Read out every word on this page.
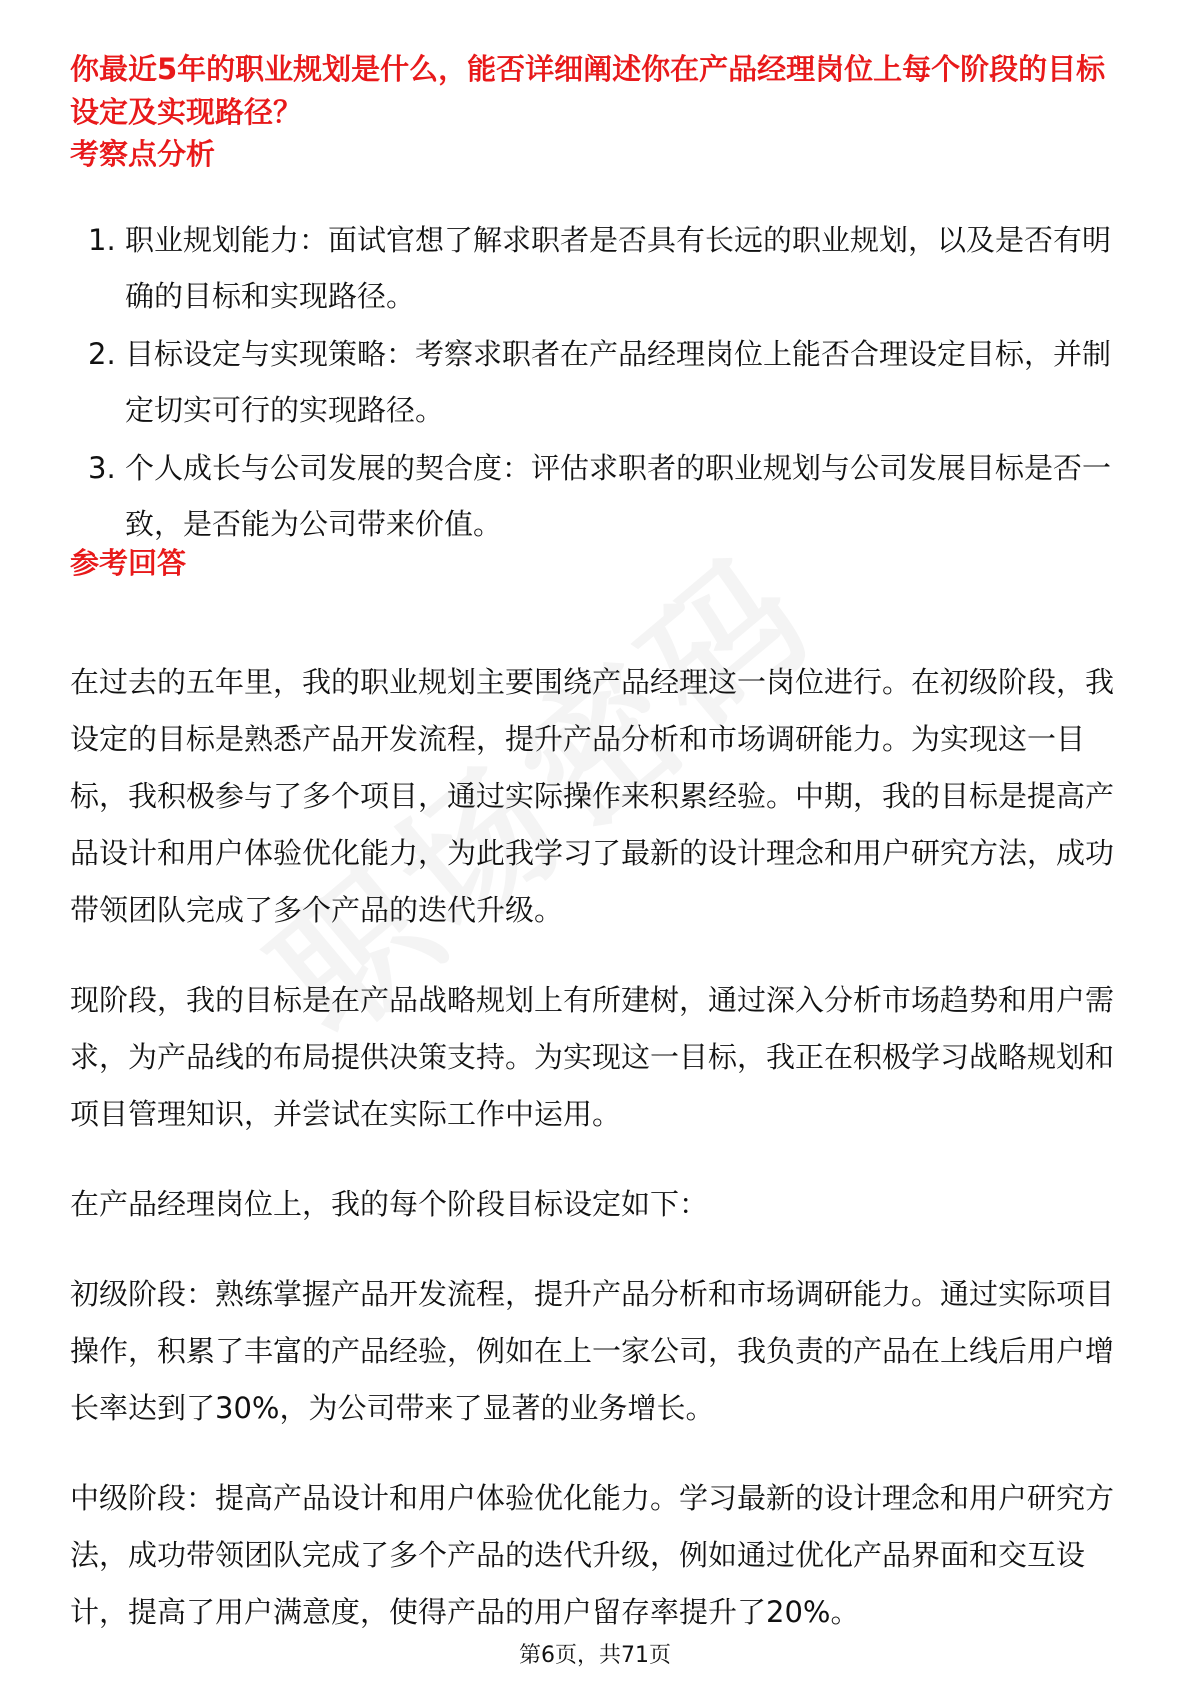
你最近5年的职业规划是什么，能否详细阐述你在产品经理岗位上每个阶段的目标设定及实现路径？
考察点分析
1. 职业规划能力：面试官想了解求职者是否具有长远的职业规划，以及是否有明确的目标和实现路径。
2. 目标设定与实现策略：考察求职者在产品经理岗位上能否合理设定目标，并制定切实可行的实现路径。
3. 个人成长与公司发展的契合度：评估求职者的职业规划与公司发展目标是否一致，是否能为公司带来价值。
参考回答

在过去的五年里，我的职业规划主要围绕产品经理这一岗位进行。在初级阶段，我设定的目标是熟悉产品开发流程，提升产品分析和市场调研能力。为实现这一目标，我积极参与了多个项目，通过实际操作来积累经验。中期，我的目标是提高产品设计和用户体验优化能力，为此我学习了最新的设计理念和用户研究方法，成功带领团队完成了多个产品的迭代升级。

现阶段，我的目标是在产品战略规划上有所建树，通过深入分析市场趋势和用户需求，为产品线的布局提供决策支持。为实现这一目标，我正在积极学习战略规划和项目管理知识，并尝试在实际工作中运用。

在产品经理岗位上，我的每个阶段目标设定如下：

初级阶段：熟练掌握产品开发流程，提升产品分析和市场调研能力。通过实际项目操作，积累了丰富的产品经验，例如在上一家公司，我负责的产品在上线后用户增长率达到了30%，为公司带来了显著的业务增长。

中级阶段：提高产品设计和用户体验优化能力。学习最新的设计理念和用户研究方法，成功带领团队完成了多个产品的迭代升级，例如通过优化产品界面和交互设计，提高了用户满意度，使得产品的用户留存率提升了20%。

第6页，共71页
